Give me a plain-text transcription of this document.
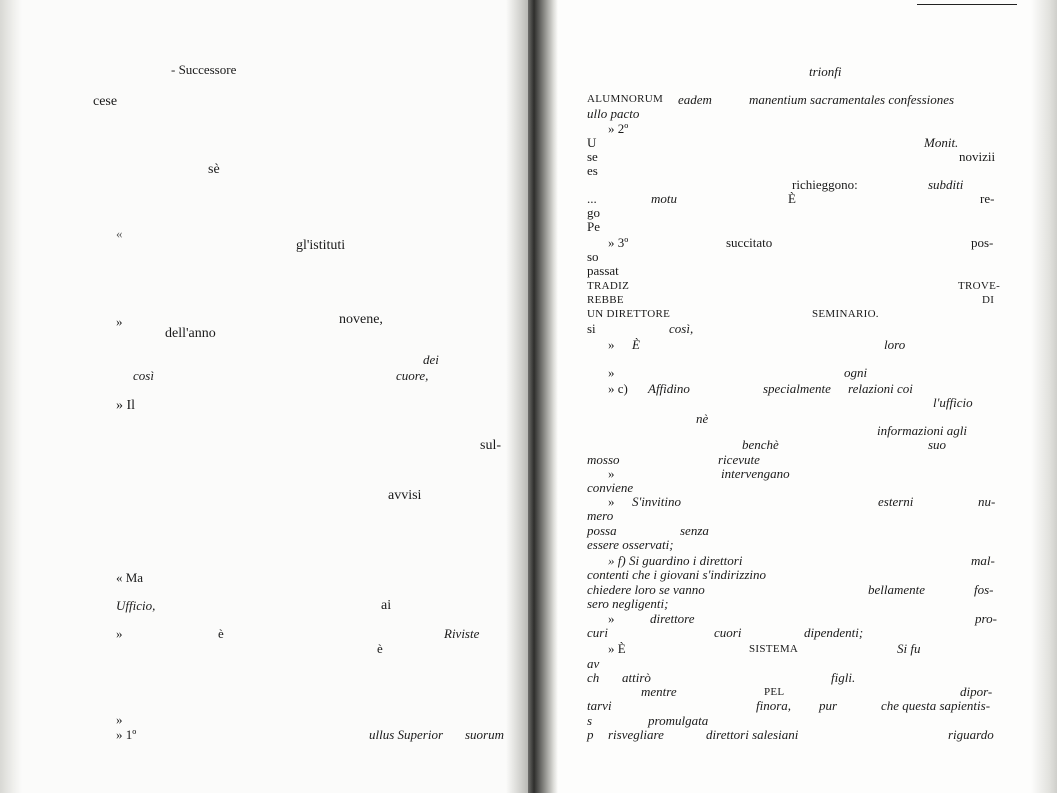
- Successore
cese
sè
«
gl'istituti
»	novene,
dell'anno
dei
così	cuore,
» Il
sul-
avvisi
« Ma
Ufficio,	ai
»	è	Riviste
è
»
» 1º	ullus Superior suorum
trionfi
ALUMNORUM eadem	manentium sacramentales confessiones
ullo pacto
» 2º
U	Monit.
se	novizii
es
richieggono:	subditi
...	motu	È	re-
go
Pe
» 3º	succitato	pos-
so
passat
TRADIZ	TROVE-
REBBE	DI
UN DIRETTORE	SEMINARIO.
si	così,
» È	loro
»	ogni
» c) Affidino	specialmente relazioni coi
l'ufficio
nè
informazioni agli
benchè	suo
mosso	ricevute
»	intervengano
conviene
» S'invitino	esterni	nu-
mero
possa	senza
essere osservati;
» f) Si guardino i direttori	mal-
contenti che i giovani s'indirizzino
chiedere loro se vanno	bellamente	fos-
sero negligenti;
»	direttore	pro-
curi	cuori	dipendenti;
» È	SISTEMA	Si fu
av
ch attirò	figli.
mentre	PEL	dipor-
tarvi	finora, pur	che questa sapientis-
s	promulgata
p risvegliare	direttori salesiani	riguardo
